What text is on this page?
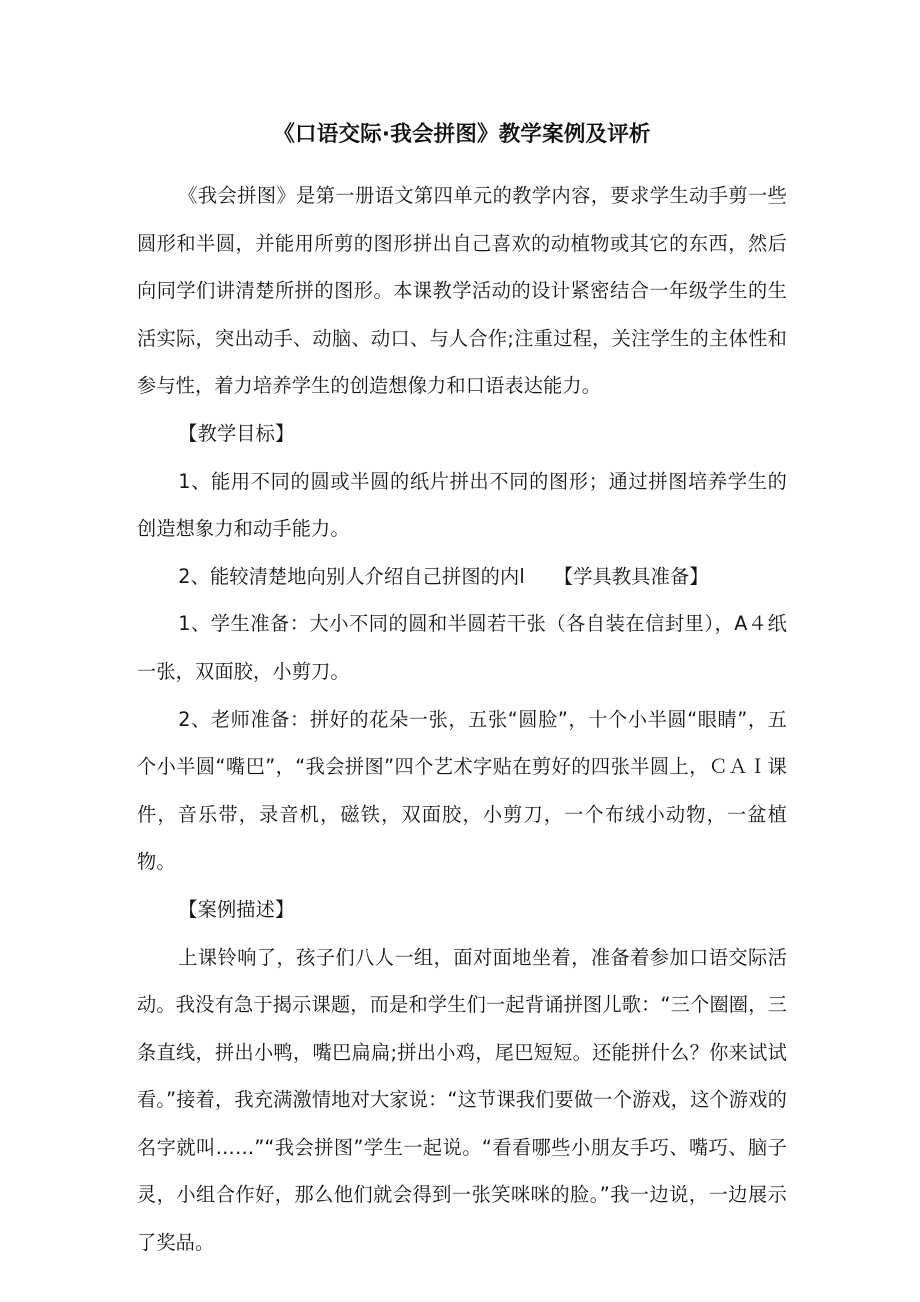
《口语交际·我会拼图》教学案例及评析

《我会拼图》是第一册语文第四单元的教学内容，要求学生动手剪一些圆形和半圆，并能用所剪的图形拼出自己喜欢的动植物或其它的东西，然后向同学们讲清楚所拼的图形。本课教学活动的设计紧密结合一年级学生的生活实际，突出动手、动脑、动口、与人合作;注重过程，关注学生的主体性和参与性，着力培养学生的创造想像力和口语表达能力。

【教学目标】

1、能用不同的圆或半圆的纸片拼出不同的图形；通过拼图培养学生的创造想象力和动手能力。

2、能较清楚地向别人介绍自己拼图的内l　　【学具教具准备】

1、学生准备：大小不同的圆和半圆若干张（各自装在信封里），A４纸一张，双面胶，小剪刀。

2、老师准备：拼好的花朵一张，五张“圆脸”，十个小半圆“眼睛”，五个小半圆“嘴巴”，“我会拼图”四个艺术字贴在剪好的四张半圆上，ＣＡＩ课件，音乐带，录音机，磁铁，双面胶，小剪刀，一个布绒小动物，一盆植物。

【案例描述】

上课铃响了，孩子们八人一组，面对面地坐着，准备着参加口语交际活动。我没有急于揭示课题，而是和学生们一起背诵拼图儿歌：“三个圈圈，三条直线，拼出小鸭，嘴巴扁扁;拼出小鸡，尾巴短短。还能拼什么？你来试试看。”接着，我充满激情地对大家说：“这节课我们要做一个游戏，这个游戏的名字就叫……”“我会拼图”学生一起说。“看看哪些小朋友手巧、嘴巧、脑子灵，小组合作好，那么他们就会得到一张笑咪咪的脸。”我一边说，一边展示了奖品。
